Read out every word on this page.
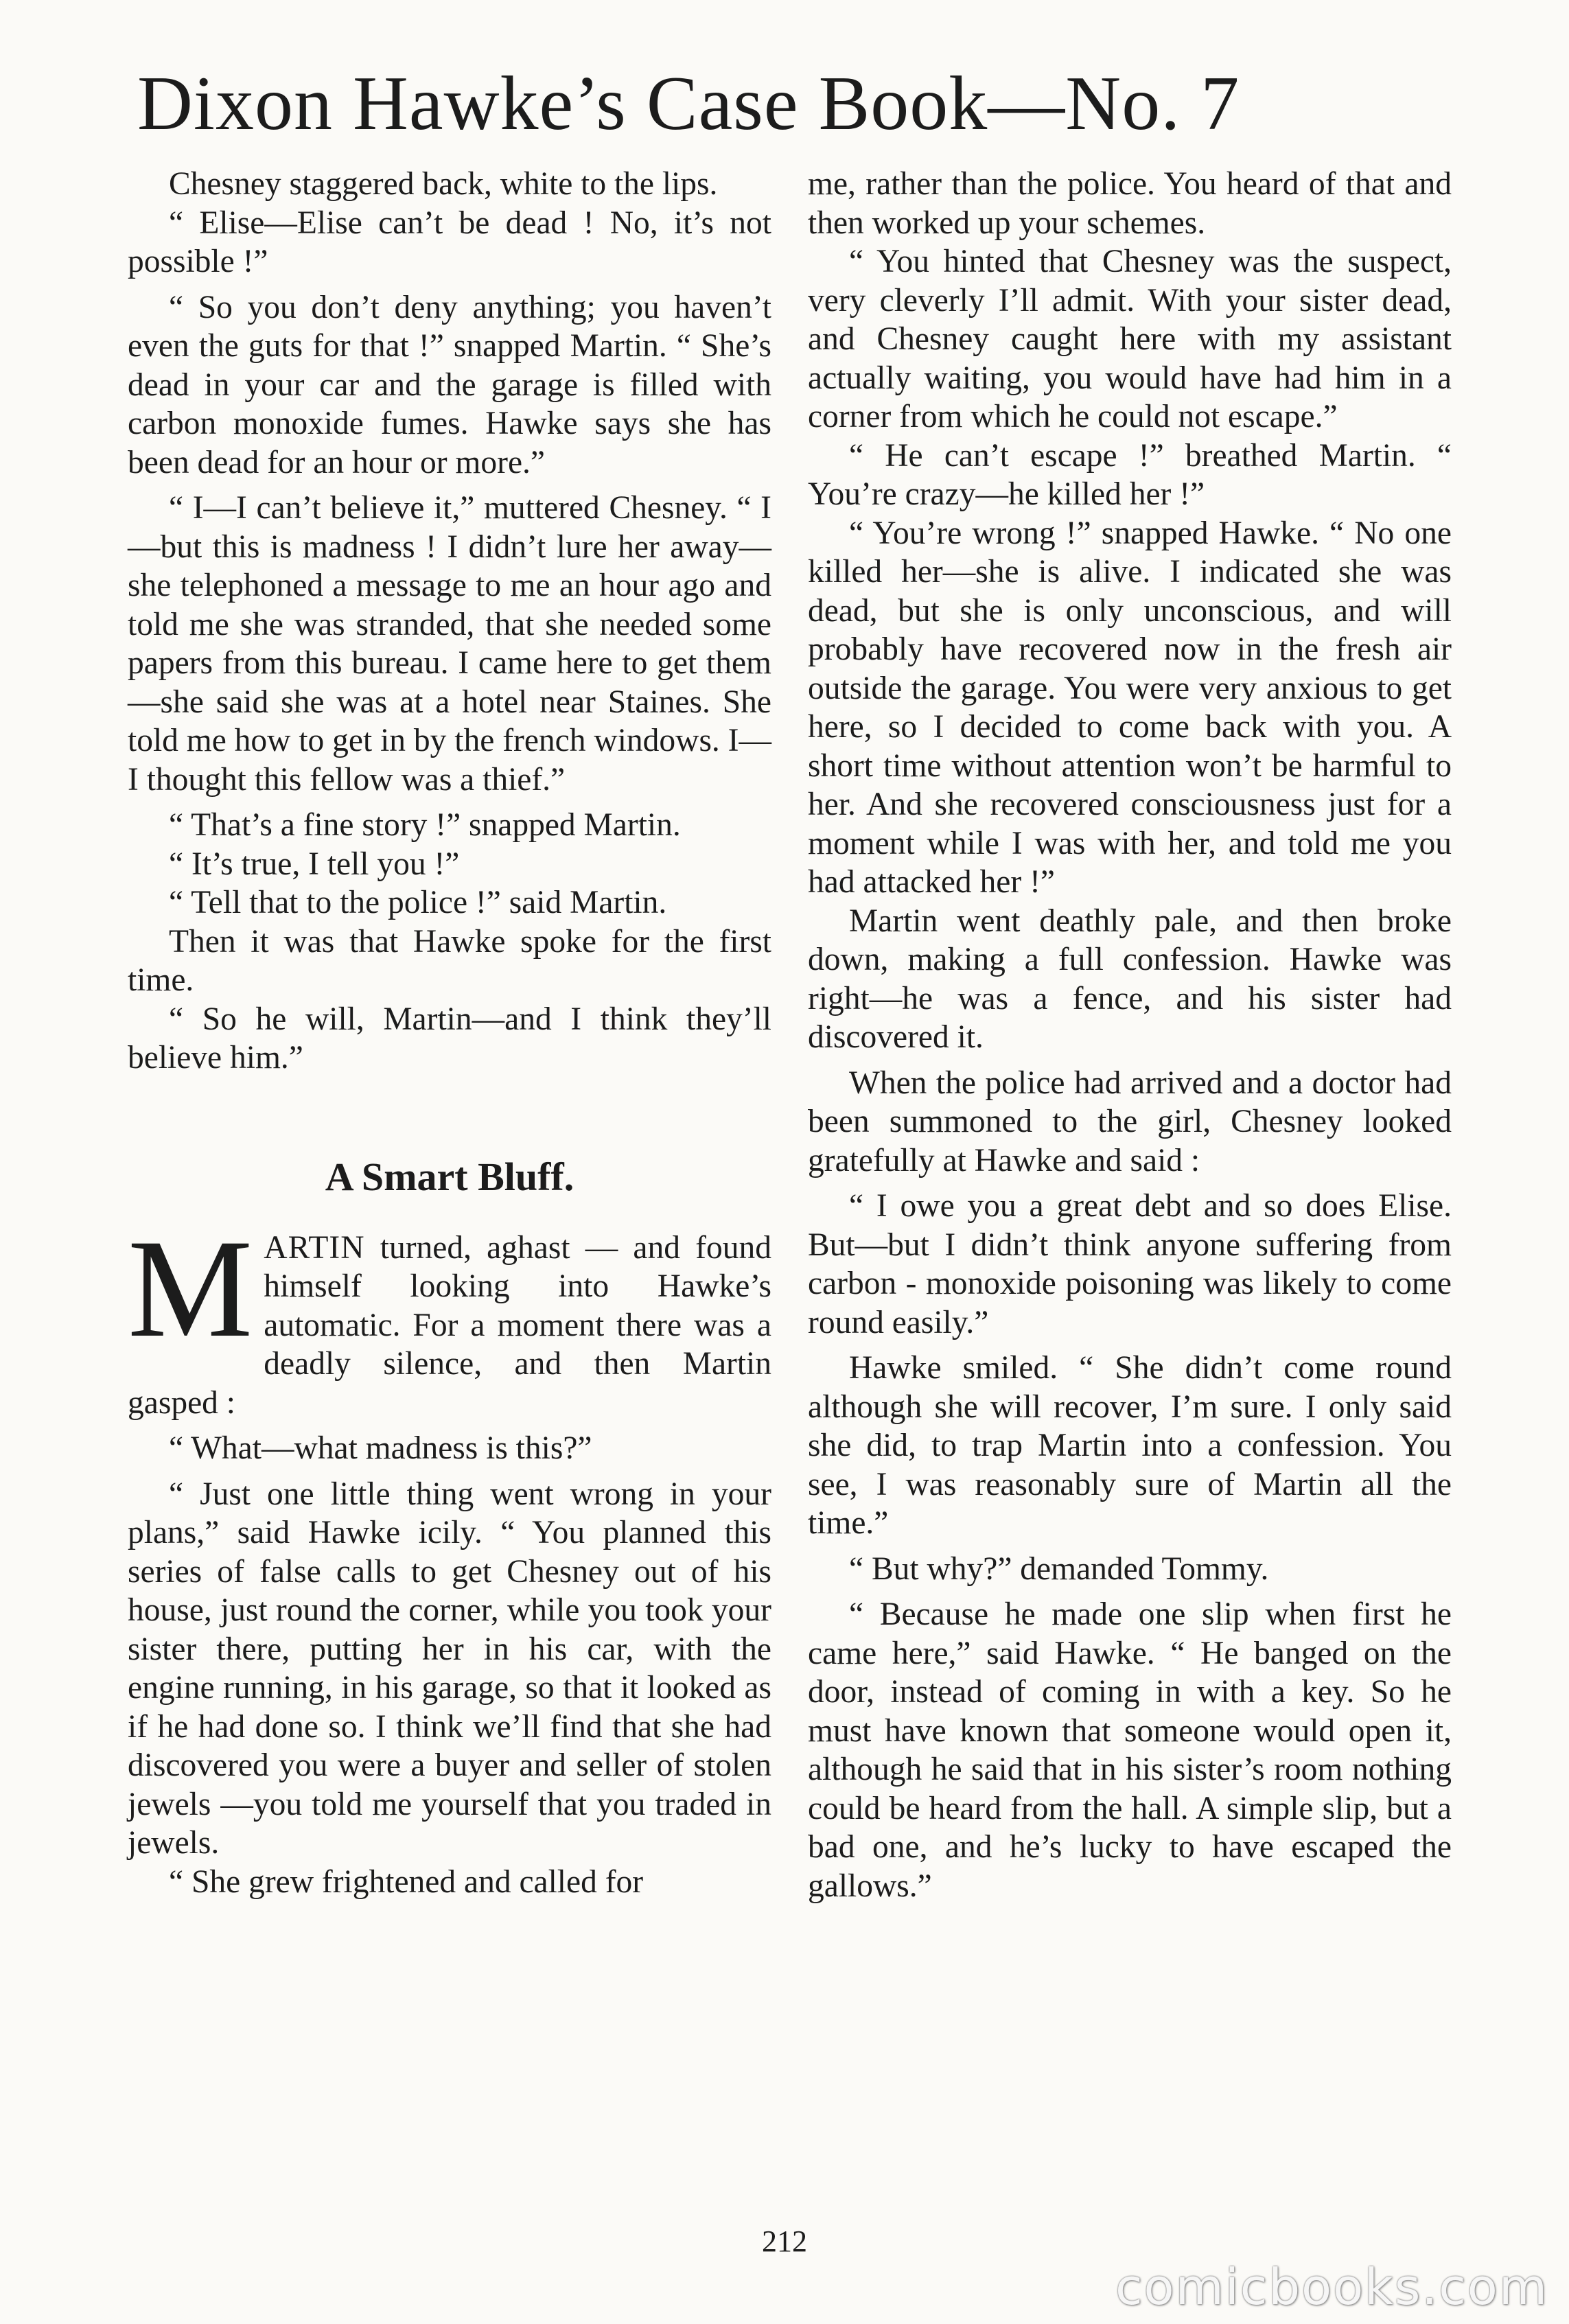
Dixon Hawke’s Case Book—No. 7

Chesney staggered back, white to the lips.

“ Elise—Elise can’t be dead ! No, it’s not possible !”

“ So you don’t deny anything; you haven’t even the guts for that !” snapped Martin. “ She’s dead in your car and the garage is filled with carbon monoxide fumes. Hawke says she has been dead for an hour or more.”

“ I—I can’t believe it,” muttered Chesney. “ I—but this is madness ! I didn’t lure her away—she telephoned a message to me an hour ago and told me she was stranded, that she needed some papers from this bureau. I came here to get them—she said she was at a hotel near Staines. She told me how to get in by the french windows. I—I thought this fellow was a thief.”

“ That’s a fine story !” snapped Martin.

“ It’s true, I tell you !”

“ Tell that to the police !” said Martin.

Then it was that Hawke spoke for the first time.

“ So he will, Martin—and I think they’ll believe him.”

A Smart Bluff.

MARTIN turned, aghast — and found himself looking into Hawke’s automatic. For a moment there was a deadly silence, and then Martin gasped :

“ What—what madness is this?”

“ Just one little thing went wrong in your plans,” said Hawke icily. “ You planned this series of false calls to get Chesney out of his house, just round the corner, while you took your sister there, putting her in his car, with the engine running, in his garage, so that it looked as if he had done so. I think we’ll find that she had discovered you were a buyer and seller of stolen jewels —you told me yourself that you traded in jewels.

“ She grew frightened and called for

me, rather than the police. You heard of that and then worked up your schemes.

“ You hinted that Chesney was the suspect, very cleverly I’ll admit. With your sister dead, and Chesney caught here with my assistant actually waiting, you would have had him in a corner from which he could not escape.”

“ He can’t escape !” breathed Martin. “ You’re crazy—he killed her !”

“ You’re wrong !” snapped Hawke. “ No one killed her—she is alive. I indicated she was dead, but she is only unconscious, and will probably have recovered now in the fresh air outside the garage. You were very anxious to get here, so I decided to come back with you. A short time without attention won’t be harmful to her. And she recovered consciousness just for a moment while I was with her, and told me you had attacked her !”

Martin went deathly pale, and then broke down, making a full confession. Hawke was right—he was a fence, and his sister had discovered it.

When the police had arrived and a doctor had been summoned to the girl, Chesney looked gratefully at Hawke and said :

“ I owe you a great debt and so does Elise. But—but I didn’t think anyone suffering from carbon - monoxide poisoning was likely to come round easily.”

Hawke smiled. “ She didn’t come round although she will recover, I’m sure. I only said she did, to trap Martin into a confession. You see, I was reasonably sure of Martin all the time.”

“ But why?” demanded Tommy.

“ Because he made one slip when first he came here,” said Hawke. “ He banged on the door, instead of coming in with a key. So he must have known that someone would open it, although he said that in his sister’s room nothing could be heard from the hall. A simple slip, but a bad one, and he’s lucky to have escaped the gallows.”

212
comicbooks.com
